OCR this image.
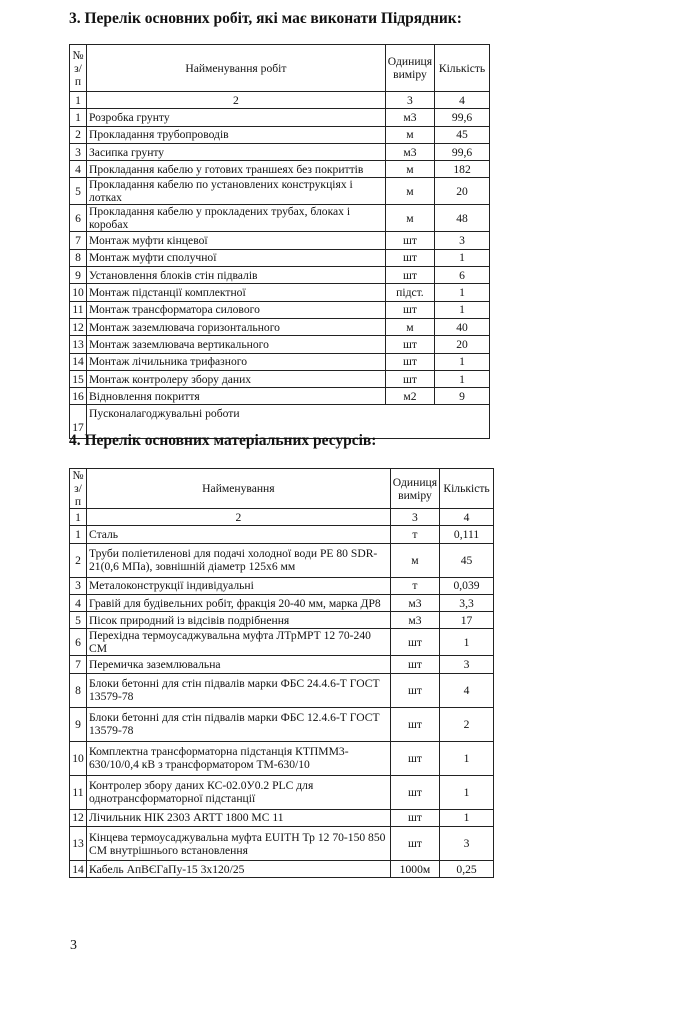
3. Перелік основних робіт, які має виконати Підрядник:
№ з/п	Найменування робіт	Одиниця виміру	Кількість
1	2	3	4
1	Розробка грунту	м3	99,6
2	Прокладання трубопроводів	м	45
3	Засипка грунту	м3	99,6
4	Прокладання кабелю у готових траншеях без покриттів	м	182
5	Прокладання кабелю по установлених конструкціях і лотках	м	20
6	Прокладання кабелю у прокладених трубах, блоках і коробах	м	48
7	Монтаж муфти кінцевої	шт	3
8	Монтаж муфти сполучної	шт	1
9	Установлення блоків стін підвалів	шт	6
10	Монтаж підстанції комплектної	підст.	1
11	Монтаж трансформатора силового	шт	1
12	Монтаж заземлювача горизонтального	м	40
13	Монтаж заземлювача вертикального	шт	20
14	Монтаж лічильника трифазного	шт	1
15	Монтаж контролеру збору даних	шт	1
16	Відновлення покриття	м2	9
17	Пусконалагоджувальні роботи		
4. Перелік основних матеріальних ресурсів:
№ з/п	Найменування	Одиниця виміру	Кількість
1	2	3	4
1	Сталь	т	0,111
2	Труби поліетиленові для подачі холодної води PE 80 SDR-21(0,6 МПа), зовнішній діаметр 125х6 мм	м	45
3	Металоконструкції індивідуальні	т	0,039
4	Гравій для будівельних робіт, фракція 20-40 мм, марка ДР8	м3	3,3
5	Пісок природний із відсівів подрібнення	м3	17
6	Перехідна термоусаджувальна муфта ЛТрМРТ 12 70-240 СМ	шт	1
7	Перемичка заземлювальна	шт	3
8	Блоки бетонні для стін підвалів марки ФБС 24.4.6-Т ГОСТ 13579-78	шт	4
9	Блоки бетонні для стін підвалів марки ФБС 12.4.6-Т ГОСТ 13579-78	шт	2
10	Комплектна трансформаторна підстанція КТПММ3-630/10/0,4 кВ з трансформатором ТМ-630/10	шт	1
11	Контролер збору даних КС-02.0У0.2 PLC для однотрансформаторної підстанції	шт	1
12	Лічильник НІК 2303 ARTT 1800 МС 11	шт	1
13	Кінцева термоусаджувальна муфта EUITH Тр 12 70-150 850 СМ внутрішнього встановлення	шт	3
14	Кабель АпВЄГаПу-15 3х120/25	1000м	0,25
3
